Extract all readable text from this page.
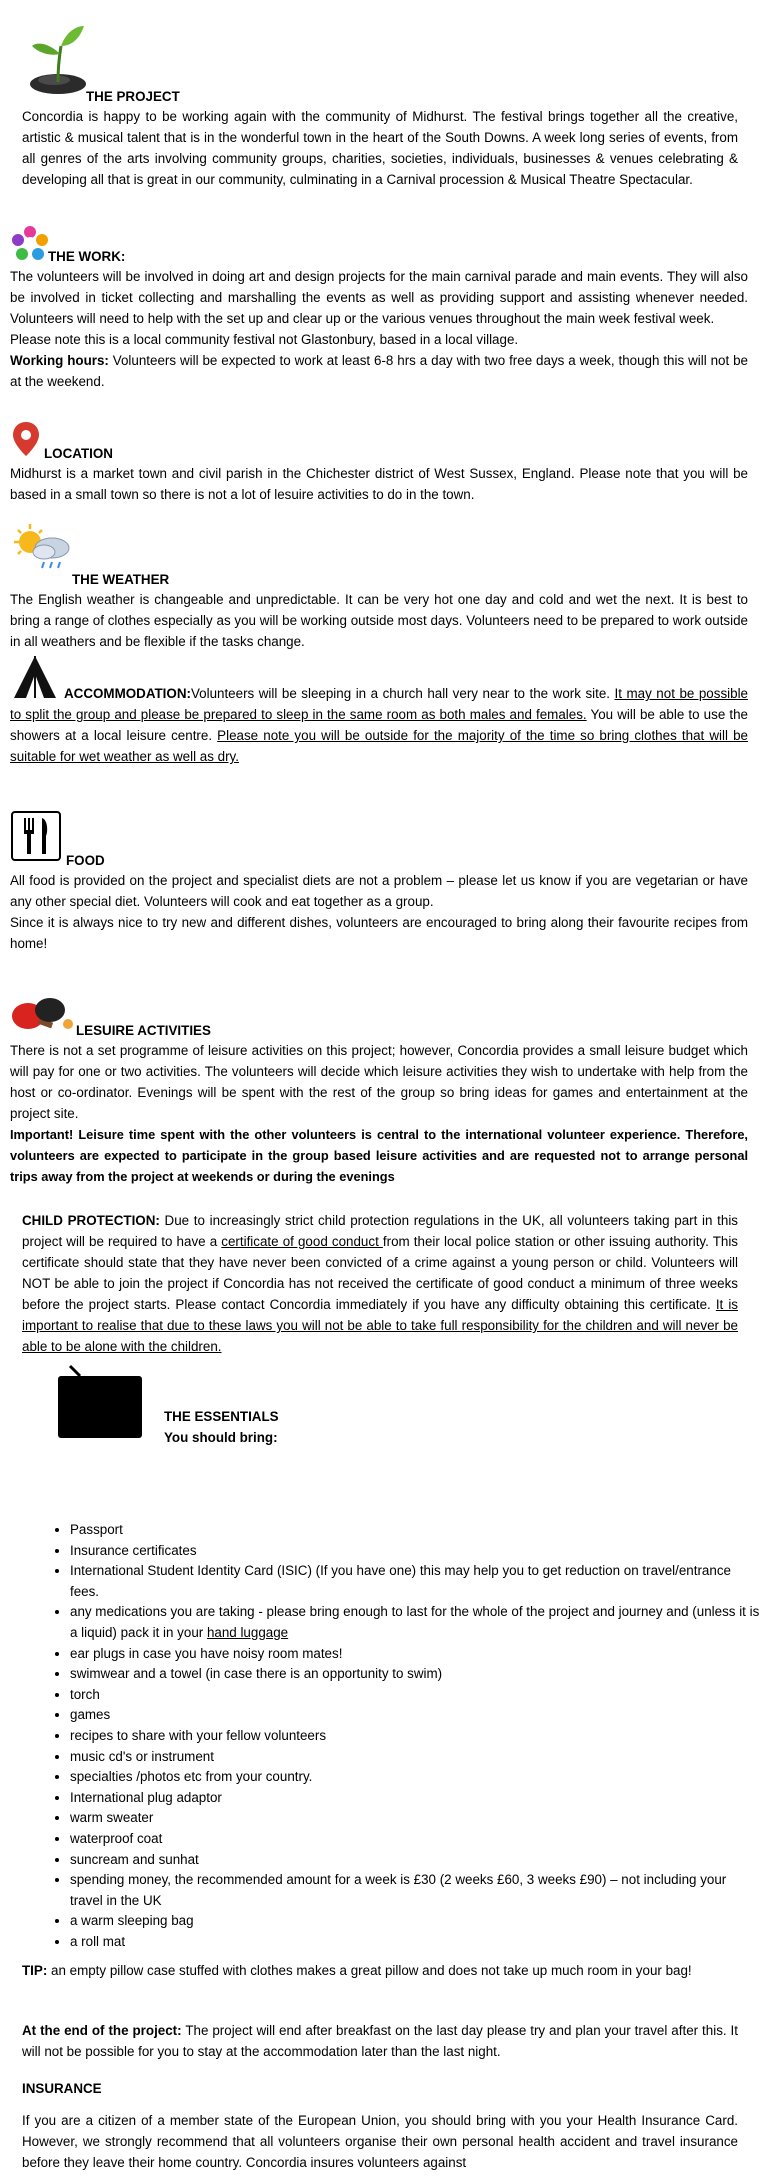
THE PROJECT

Concordia is happy to be working again with the community of Midhurst. The festival brings together all the creative, artistic & musical talent that is in the wonderful town in the heart of the South Downs. A week long series of events, from all genres of the arts involving community groups, charities, societies, individuals, businesses & venues celebrating & developing all that is great in our community, culminating in a Carnival procession & Musical Theatre Spectacular.

THE WORK:

The volunteers will be involved in doing art and design projects for the main carnival parade and main events. They will also be involved in ticket collecting and marshalling the events as well as providing support and assisting whenever needed. Volunteers will need to help with the set up and clear up or the various venues throughout the main week festival week.

Please note this is a local community festival not Glastonbury, based in a local village.

Working hours: Volunteers will be expected to work at least 6-8 hrs a day with two free days a week, though this will not be at the weekend.

LOCATION

Midhurst is a market town and civil parish in the Chichester district of West Sussex, England. Please note that you will be based in a small town so there is not a lot of lesuire activities to do in the town.

THE WEATHER

The English weather is changeable and unpredictable. It can be very hot one day and cold and wet the next. It is best to bring a range of clothes especially as you will be working outside most days. Volunteers need to be prepared to work outside in all weathers and be flexible if the tasks change.

ACCOMMODATION:Volunteers will be sleeping in a church hall very near to the work site. It may not be possible to split the group and please be prepared to sleep in the same room as both males and females. You will be able to use the showers at a local leisure centre. Please note you will be outside for the majority of the time so bring clothes that will be suitable for wet weather as well as dry.

FOOD

All food is provided on the project and specialist diets are not a problem – please let us know if you are vegetarian or have any other special diet. Volunteers will cook and eat together as a group.

Since it is always nice to try new and different dishes, volunteers are encouraged to bring along their favourite recipes from home!

LESUIRE ACTIVITIES

There is not a set programme of leisure activities on this project; however, Concordia provides a small leisure budget which will pay for one or two activities. The volunteers will decide which leisure activities they wish to undertake with help from the host or co-ordinator. Evenings will be spent with the rest of the group so bring ideas for games and entertainment at the project site.

Important! Leisure time spent with the other volunteers is central to the international volunteer experience. Therefore, volunteers are expected to participate in the group based leisure activities and are requested not to arrange personal trips away from the project at weekends or during the evenings

CHILD PROTECTION: Due to increasingly strict child protection regulations in the UK, all volunteers taking part in this project will be required to have a certificate of good conduct from their local police station or other issuing authority. This certificate should state that they have never been convicted of a crime against a young person or child. Volunteers will NOT be able to join the project if Concordia has not received the certificate of good conduct a minimum of three weeks before the project starts. Please contact Concordia immediately if you have any difficulty obtaining this certificate. It is important to realise that due to these laws you will not be able to take full responsibility for the children and will never be able to be alone with the children.

THE ESSENTIALS
You should bring:
• Passport
• Insurance certificates
• International Student Identity Card (ISIC) (If you have one) this may help you to get reduction on travel/entrance fees.
• any medications you are taking - please bring enough to last for the whole of the project and journey and (unless it is a liquid) pack it in your hand luggage
• ear plugs in case you have noisy room mates!
• swimwear and a towel (in case there is an opportunity to swim)
• torch
• games
• recipes to share with your fellow volunteers
• music cd's or instrument
• specialties /photos etc from your country.
• International plug adaptor
• warm sweater
• waterproof coat
• suncream and sunhat
• spending money, the recommended amount for a week is £30 (2 weeks £60, 3 weeks £90) – not including your travel in the UK
• a warm sleeping bag
• a roll mat

TIP: an empty pillow case stuffed with clothes makes a great pillow and does not take up much room in your bag!

At the end of the project: The project will end after breakfast on the last day please try and plan your travel after this. It will not be possible for you to stay at the accommodation later than the last night.

INSURANCE

If you are a citizen of a member state of the European Union, you should bring with you your Health Insurance Card. However, we strongly recommend that all volunteers organise their own personal health accident and travel insurance before they leave their home country. Concordia insures volunteers against
